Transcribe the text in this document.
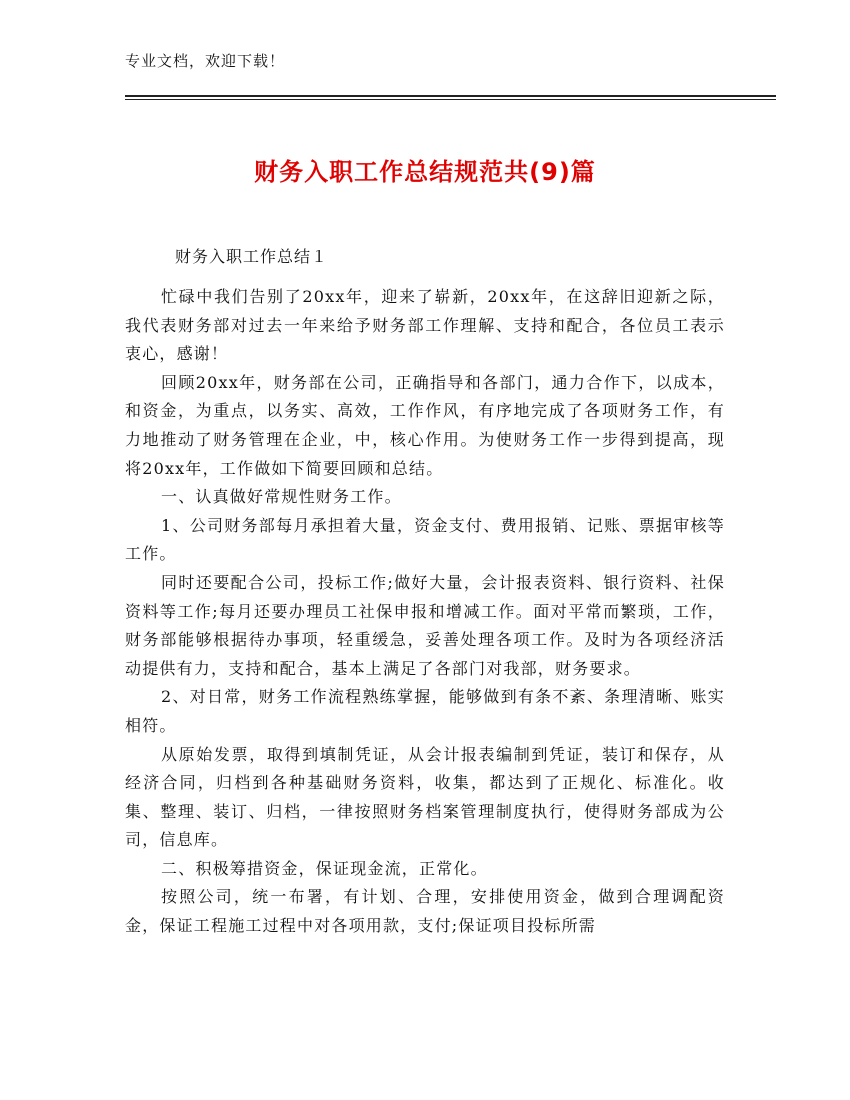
专业文档，欢迎下载！
财务入职工作总结规范共(9)篇
财务入职工作总结１

忙碌中我们告别了20xx年，迎来了崭新，20xx年，在这辞旧迎新之际，我代表财务部对过去一年来给予财务部工作理解、支持和配合，各位员工表示衷心，感谢！

回顾20xx年，财务部在公司，正确指导和各部门，通力合作下，以成本，和资金，为重点，以务实、高效，工作作风，有序地完成了各项财务工作，有力地推动了财务管理在企业，中，核心作用。为使财务工作一步得到提高，现将20xx年，工作做如下简要回顾和总结。

一、认真做好常规性财务工作。

1、公司财务部每月承担着大量，资金支付、费用报销、记账、票据审核等工作。

同时还要配合公司，投标工作;做好大量，会计报表资料、银行资料、社保资料等工作;每月还要办理员工社保申报和增减工作。面对平常而繁琐，工作，财务部能够根据待办事项，轻重缓急，妥善处理各项工作。及时为各项经济活动提供有力，支持和配合，基本上满足了各部门对我部，财务要求。

2、对日常，财务工作流程熟练掌握，能够做到有条不紊、条理清晰、账实相符。

从原始发票，取得到填制凭证，从会计报表编制到凭证，装订和保存，从经济合同，归档到各种基础财务资料，收集，都达到了正规化、标准化。收集、整理、装订、归档，一律按照财务档案管理制度执行，使得财务部成为公司，信息库。

二、积极筹措资金，保证现金流，正常化。

按照公司，统一布署，有计划、合理，安排使用资金，做到合理调配资金，保证工程施工过程中对各项用款，支付;保证项目投标所需
